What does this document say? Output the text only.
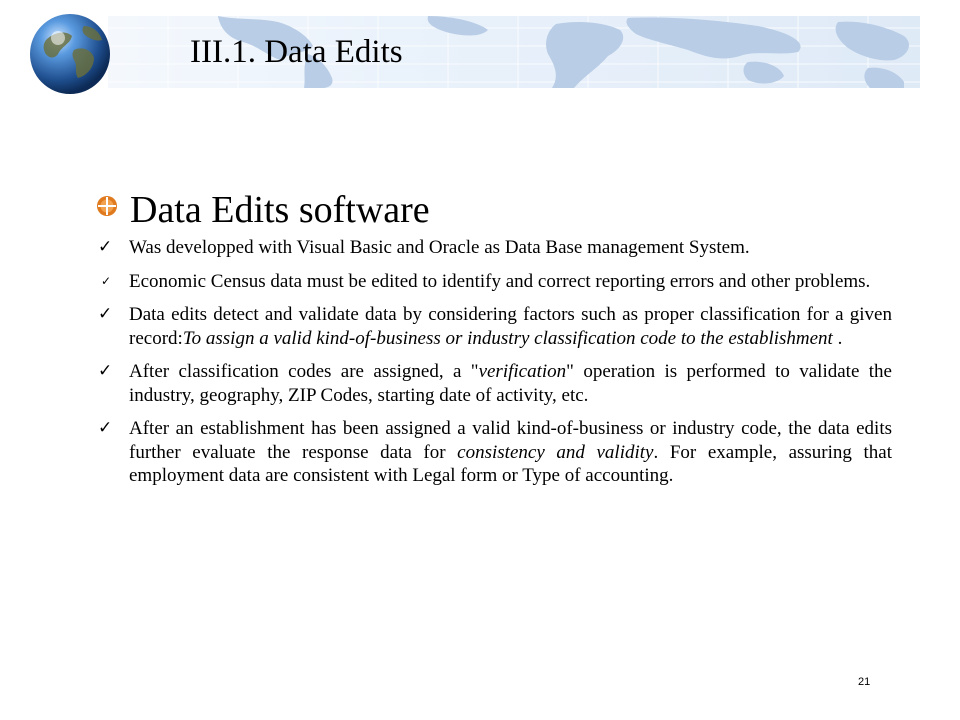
III.1. Data Edits
Data Edits software
✓ Was developped with Visual Basic and Oracle as Data Base management System.
✓ Economic Census data must be edited to identify and correct reporting errors and other problems.
✓ Data edits detect and validate data by considering factors such as proper classification for a given record:To assign a valid kind-of-business or industry classification code to the establishment .
✓ After classification codes are assigned, a "verification" operation is performed to validate the industry, geography, ZIP Codes, starting date of activity, etc.
✓ After an establishment has been assigned a valid kind-of-business or industry code, the data edits further evaluate the response data for consistency and validity. For example, assuring that employment data are consistent with Legal form or Type of accounting.
21
